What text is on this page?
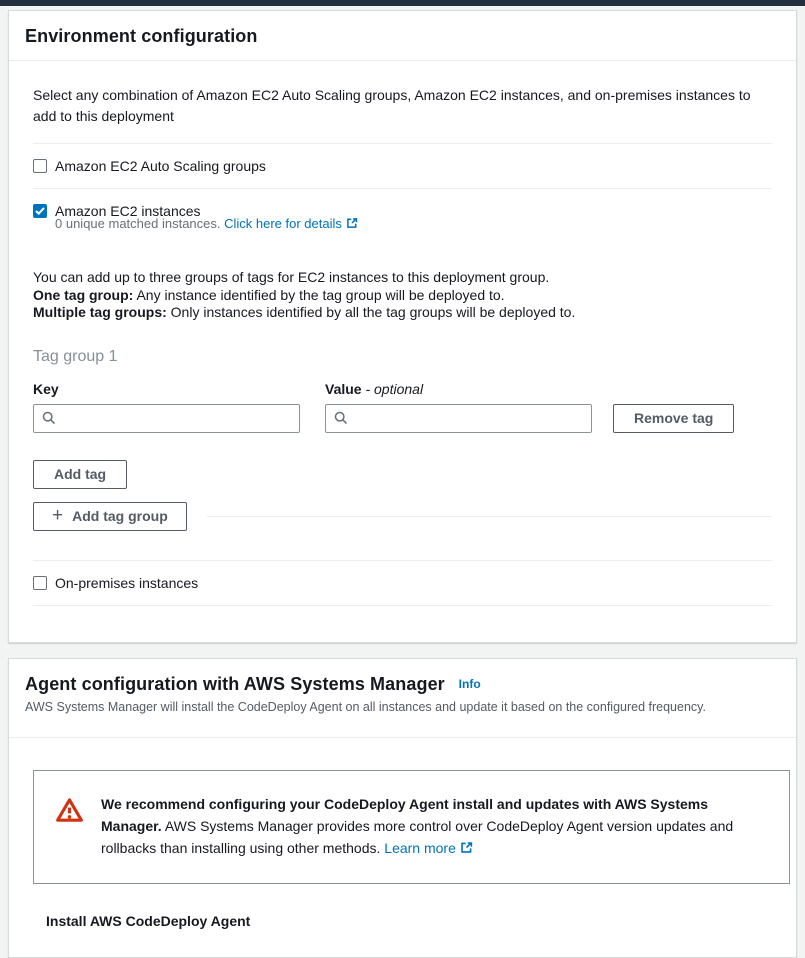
Environment configuration

Select any combination of Amazon EC2 Auto Scaling groups, Amazon EC2 instances, and on-premises instances to add to this deployment

Amazon EC2 Auto Scaling groups
Amazon EC2 instances
0 unique matched instances. Click here for details
You can add up to three groups of tags for EC2 instances to this deployment group.
One tag group: Any instance identified by the tag group will be deployed to.
Multiple tag groups: Only instances identified by all the tag groups will be deployed to.
Tag group 1
Key	Value - optional
Remove tag
Add tag
+ Add tag group
On-premises instances
Agent configuration with AWS Systems Manager Info
AWS Systems Manager will install the CodeDeploy Agent on all instances and update it based on the configured frequency.
We recommend configuring your CodeDeploy Agent install and updates with AWS Systems Manager. AWS Systems Manager provides more control over CodeDeploy Agent version updates and rollbacks than installing using other methods. Learn more
Install AWS CodeDeploy Agent
